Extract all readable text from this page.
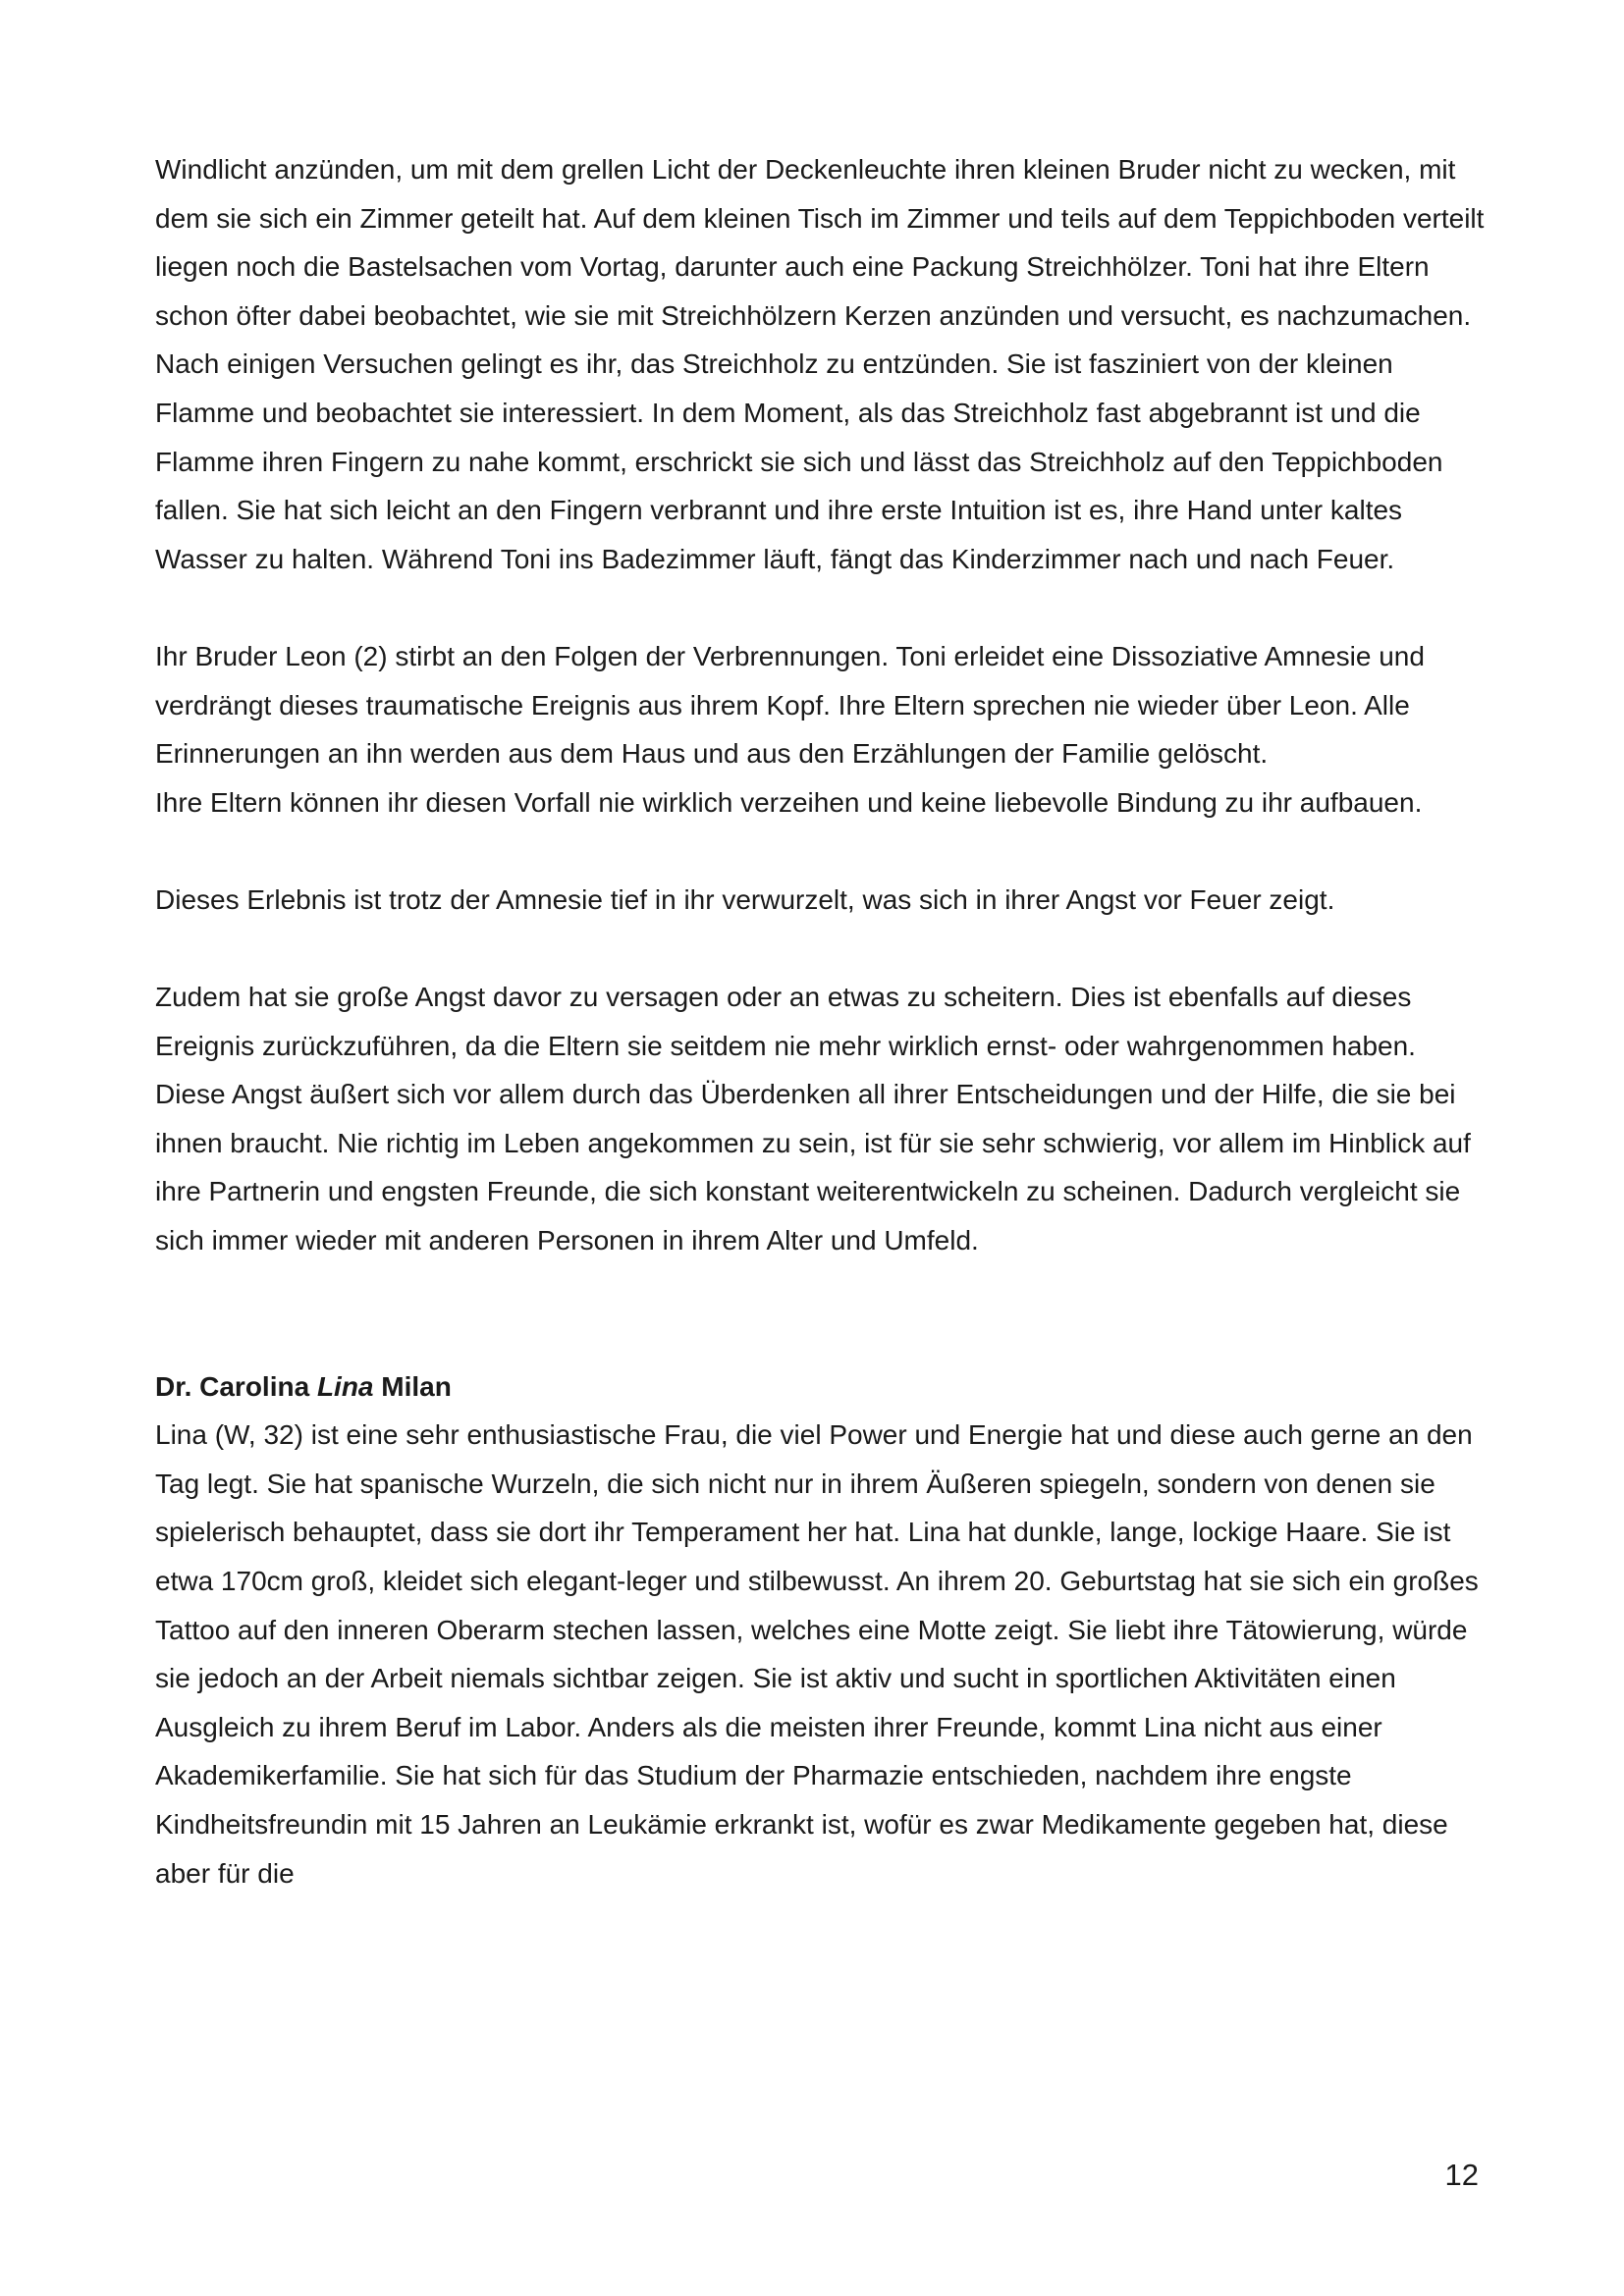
Windlicht anzünden, um mit dem grellen Licht der Deckenleuchte ihren kleinen Bruder nicht zu wecken, mit dem sie sich ein Zimmer geteilt hat. Auf dem kleinen Tisch im Zimmer und teils auf dem Teppichboden verteilt liegen noch die Bastelsachen vom Vortag, darunter auch eine Packung Streichhölzer. Toni hat ihre Eltern schon öfter dabei beobachtet, wie sie mit Streichhölzern Kerzen anzünden und versucht, es nachzumachen. Nach einigen Versuchen gelingt es ihr, das Streichholz zu entzünden. Sie ist fasziniert von der kleinen Flamme und beobachtet sie interessiert. In dem Moment, als das Streichholz fast abgebrannt ist und die Flamme ihren Fingern zu nahe kommt, erschrickt sie sich und lässt das Streichholz auf den Teppichboden fallen. Sie hat sich leicht an den Fingern verbrannt und ihre erste Intuition ist es, ihre Hand unter kaltes Wasser zu halten. Während Toni ins Badezimmer läuft, fängt das Kinderzimmer nach und nach Feuer.

Ihr Bruder Leon (2) stirbt an den Folgen der Verbrennungen. Toni erleidet eine Dissoziative Amnesie und verdrängt dieses traumatische Ereignis aus ihrem Kopf. Ihre Eltern sprechen nie wieder über Leon. Alle Erinnerungen an ihn werden aus dem Haus und aus den Erzählungen der Familie gelöscht.

Ihre Eltern können ihr diesen Vorfall nie wirklich verzeihen und keine liebevolle Bindung zu ihr aufbauen.

Dieses Erlebnis ist trotz der Amnesie tief in ihr verwurzelt, was sich in ihrer Angst vor Feuer zeigt.

Zudem hat sie große Angst davor zu versagen oder an etwas zu scheitern. Dies ist ebenfalls auf dieses Ereignis zurückzuführen, da die Eltern sie seitdem nie mehr wirklich ernst- oder wahrgenommen haben.

Diese Angst äußert sich vor allem durch das Überdenken all ihrer Entscheidungen und der Hilfe, die sie bei ihnen braucht. Nie richtig im Leben angekommen zu sein, ist für sie sehr schwierig, vor allem im Hinblick auf ihre Partnerin und engsten Freunde, die sich konstant weiterentwickeln zu scheinen. Dadurch vergleicht sie sich immer wieder mit anderen Personen in ihrem Alter und Umfeld.

Dr. Carolina Lina Milan

Lina (W, 32) ist eine sehr enthusiastische Frau, die viel Power und Energie hat und diese auch gerne an den Tag legt. Sie hat spanische Wurzeln, die sich nicht nur in ihrem Äußeren spiegeln, sondern von denen sie spielerisch behauptet, dass sie dort ihr Temperament her hat. Lina hat dunkle, lange, lockige Haare. Sie ist etwa 170cm groß, kleidet sich elegant-leger und stilbewusst. An ihrem 20. Geburtstag hat sie sich ein großes Tattoo auf den inneren Oberarm stechen lassen, welches eine Motte zeigt. Sie liebt ihre Tätowierung, würde sie jedoch an der Arbeit niemals sichtbar zeigen. Sie ist aktiv und sucht in sportlichen Aktivitäten einen Ausgleich zu ihrem Beruf im Labor. Anders als die meisten ihrer Freunde, kommt Lina nicht aus einer Akademikerfamilie. Sie hat sich für das Studium der Pharmazie entschieden, nachdem ihre engste Kindheitsfreundin mit 15 Jahren an Leukämie erkrankt ist, wofür es zwar Medikamente gegeben hat, diese aber für die

12
